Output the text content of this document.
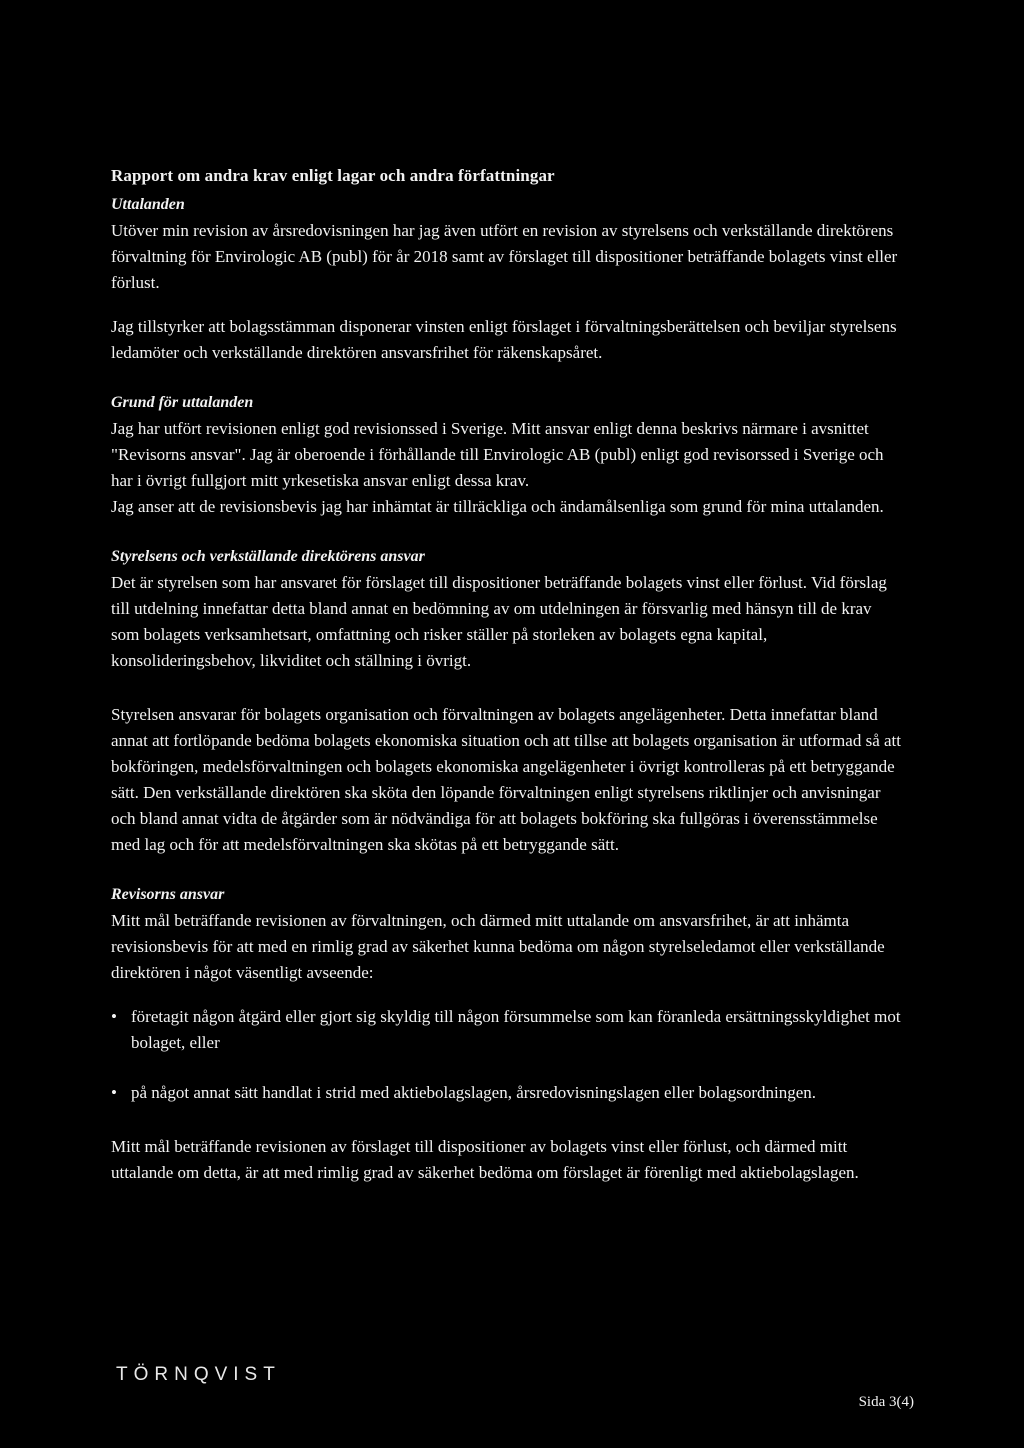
Rapport om andra krav enligt lagar och andra författningar
Uttalanden

Utöver min revision av årsredovisningen har jag även utfört en revision av styrelsens och verkställande direktörens förvaltning för Envirologic AB (publ) för år 2018 samt av förslaget till dispositioner beträffande bolagets vinst eller förlust.

Jag tillstyrker att bolagsstämman disponerar vinsten enligt förslaget i förvaltningsberättelsen och beviljar styrelsens ledamöter och verkställande direktören ansvarsfrihet för räkenskapsåret.

Grund för uttalanden

Jag har utfört revisionen enligt god revisionssed i Sverige. Mitt ansvar enligt denna beskrivs närmare i avsnittet "Revisorns ansvar". Jag är oberoende i förhållande till Envirologic AB (publ) enligt god revisorssed i Sverige och har i övrigt fullgjort mitt yrkesetiska ansvar enligt dessa krav.

Jag anser att de revisionsbevis jag har inhämtat är tillräckliga och ändamålsenliga som grund för mina uttalanden.

Styrelsens och verkställande direktörens ansvar

Det är styrelsen som har ansvaret för förslaget till dispositioner beträffande bolagets vinst eller förlust. Vid förslag till utdelning innefattar detta bland annat en bedömning av om utdelningen är försvarlig med hänsyn till de krav som bolagets verksamhetsart, omfattning och risker ställer på storleken av bolagets egna kapital, konsolideringsbehov, likviditet och ställning i övrigt.

Styrelsen ansvarar för bolagets organisation och förvaltningen av bolagets angelägenheter. Detta innefattar bland annat att fortlöpande bedöma bolagets ekonomiska situation och att tillse att bolagets organisation är utformad så att bokföringen, medelsförvaltningen och bolagets ekonomiska angelägenheter i övrigt kontrolleras på ett betryggande sätt. Den verkställande direktören ska sköta den löpande förvaltningen enligt styrelsens riktlinjer och anvisningar och bland annat vidta de åtgärder som är nödvändiga för att bolagets bokföring ska fullgöras i överensstämmelse med lag och för att medelsförvaltningen ska skötas på ett betryggande sätt.

Revisorns ansvar

Mitt mål beträffande revisionen av förvaltningen, och därmed mitt uttalande om ansvarsfrihet, är att inhämta revisionsbevis för att med en rimlig grad av säkerhet kunna bedöma om någon styrelseledamot eller verkställande direktören i något väsentligt avseende:

• företagit någon åtgärd eller gjort sig skyldig till någon försummelse som kan föranleda ersättningsskyldighet mot bolaget, eller
• på något annat sätt handlat i strid med aktiebolagslagen, årsredovisningslagen eller bolagsordningen.

Mitt mål beträffande revisionen av förslaget till dispositioner av bolagets vinst eller förlust, och därmed mitt uttalande om detta, är att med rimlig grad av säkerhet bedöma om förslaget är förenligt med aktiebolagslagen.

TÖRNQVIST
Sida 3(4)
